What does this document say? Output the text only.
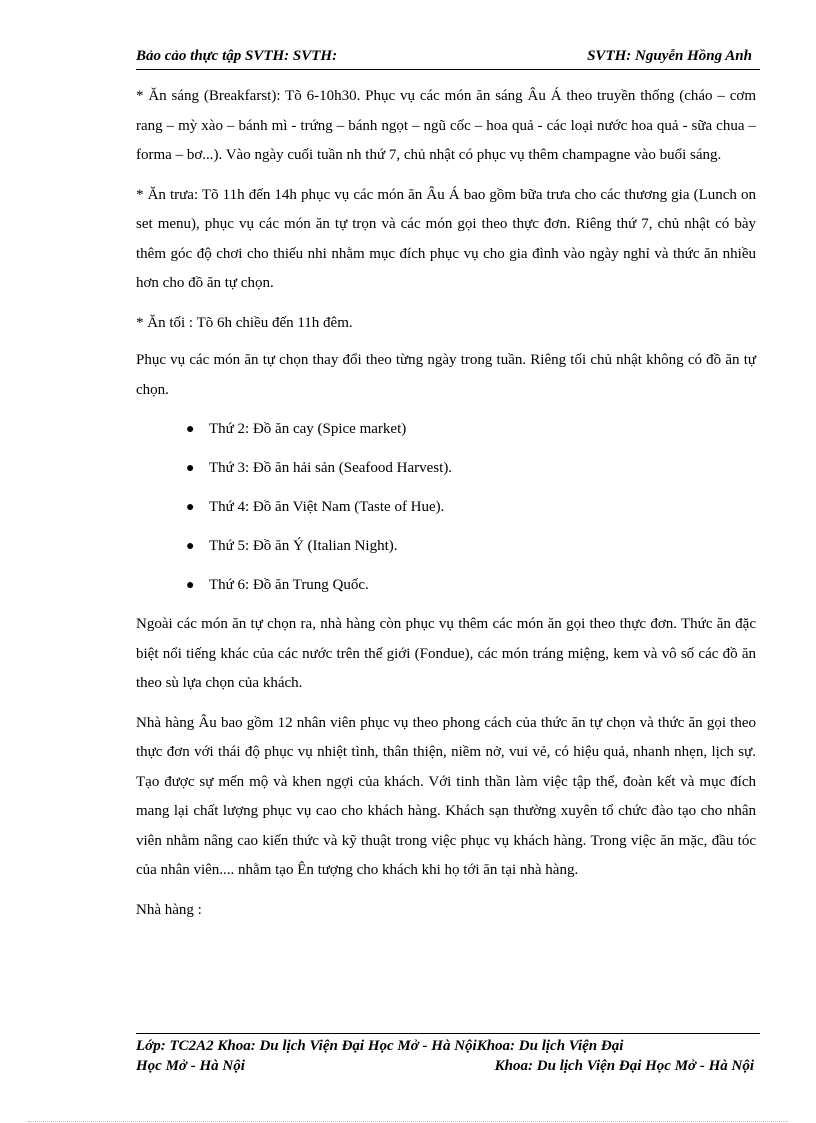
Bảo cảo thực tập SVTH: SVTH:	SVTH: Nguyễn Hồng Anh

* Ăn sáng (Breakfarst): Tõ 6-10h30. Phục vụ các món ăn sáng Âu Á theo truyền thống (cháo – cơm rang – mỳ xào – bánh mì - trứng – bánh ngọt – ngũ cốc – hoa quả - các loại nước hoa quả - sữa chua – forma – bơ...). Vào ngày cuối tuần nh thứ 7, chủ nhật có phục vụ thêm champagne vào buổi sáng.

* Ăn trưa: Tõ 11h đến 14h phục vụ các món ăn Âu Á bao gồm bữa trưa cho các thương gia (Lunch on set menu), phục vụ các món ăn tự trọn và các món gọi theo thực đơn. Riêng thứ 7, chủ nhật có bày thêm góc độ chơi cho thiếu nhi nhằm mục đích phục vụ cho gia đình vào ngày nghỉ và thức ăn nhiều hơn cho đồ ăn tự chọn.

* Ăn tối : Tõ 6h chiều đến 11h đêm.

Phục vụ các món ăn tự chọn thay đổi theo từng ngày trong tuần. Riêng tối chủ nhật không có đồ ăn tự chọn.

● Thứ 2: Đồ ăn cay (Spice market)
● Thứ 3: Đồ ăn hải sản (Seafood Harvest).
● Thứ 4: Đồ ăn Việt Nam (Taste of Hue).
● Thứ 5: Đồ ăn Ý (Italian Night).
● Thứ 6: Đồ ăn Trung Quốc.

Ngoài các món ăn tự chọn ra, nhà hàng còn phục vụ thêm các món ăn gọi theo thực đơn. Thức ăn đặc biệt nổi tiếng khác của các nước trên thế giới (Fondue), các món tráng miệng, kem và vô số các đồ ăn theo sù lựa chọn của khách.

Nhà hàng Âu bao gồm 12 nhân viên phục vụ theo phong cách của thức ăn tự chọn và thức ăn gọi theo thực đơn với thái độ phục vụ nhiệt tình, thân thiện, niềm nở, vui vẻ, có hiệu quả, nhanh nhẹn, lịch sự. Tạo được sự mến mộ và khen ngợi của khách. Với tinh thần làm việc tập thể, đoàn kết và mục đích mang lại chất lượng phục vụ cao cho khách hàng. Khách sạn thường xuyên tổ chức đào tạo cho nhân viên nhằm nâng cao kiến thức và kỹ thuật trong việc phục vụ khách hàng. Trong việc ăn mặc, đầu tóc của nhân viên.... nhằm tạo Ên tượng cho khách khi họ tới ăn tại nhà hàng.

Nhà hàng :

Lớp: TC2A2 Khoa: Du lịch Viện Đại Học Mở - Hà NộiKhoa: Du lịch Viện Đại
Học Mở - Hà Nội	Khoa: Du lịch Viện Đại Học Mở - Hà Nội
